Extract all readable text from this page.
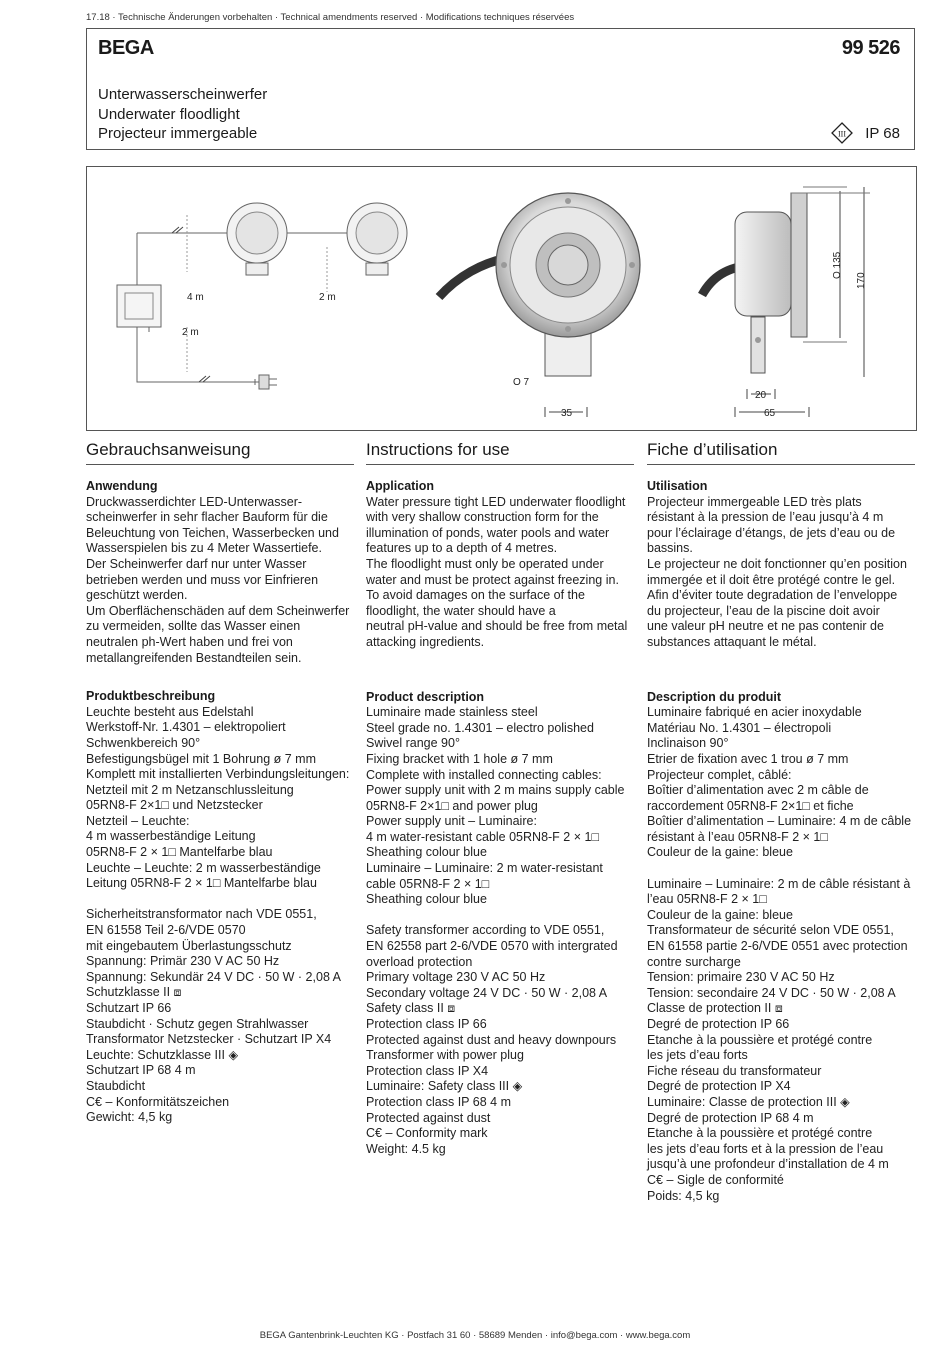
17.18 · Technische Änderungen vorbehalten · Technical amendments reserved · Modifications techniques réservées
BEGA	99 526
Unterwasserscheinwerfer
Underwater floodlight
Projecteur immergeable	III IP 68
4 m	2 m
2 m
O 7
35
O 135
170
20
65
Gebrauchsanweisung
Anwendung
Druckwasserdichter LED-Unterwasser-
scheinwerfer in sehr flacher Bauform für die
Beleuchtung von Teichen, Wasserbecken und
Wasserspielen bis zu 4 Meter Wassertiefe.
Der Scheinwerfer darf nur unter Wasser
betrieben werden und muss vor Einfrieren
geschützt werden.
Um Oberflächenschäden auf dem Scheinwerfer
zu vermeiden, sollte das Wasser einen
neutralen ph-Wert haben und frei von
metallangreifenden Bestandteilen sein.
Produktbeschreibung
Leuchte besteht aus Edelstahl
Werkstoff-Nr. 1.4301 – elektropoliert
Schwenkbereich 90°
Befestigungsbügel mit 1 Bohrung ø 7 mm
Komplett mit installierten Verbindungsleitungen:
Netzteil mit 2 m Netzanschlussleitung
05RN8-F 2×1□ und Netzstecker
Netzteil – Leuchte:
4 m wasserbeständige Leitung
05RN8-F 2 × 1□ Mantelfarbe blau
Leuchte – Leuchte: 2 m wasserbeständige
Leitung 05RN8-F 2 × 1□ Mantelfarbe blau

Sicherheitstransformator nach VDE 0551,
EN 61558 Teil 2-6/VDE 0570
mit eingebautem Überlastungsschutz
Spannung: Primär 230 V AC 50 Hz
Spannung: Sekundär 24 V DC · 50 W · 2,08 A
Schutzklasse II ⧈
Schutzart IP 66
Staubdicht · Schutz gegen Strahlwasser
Transformator Netzstecker · Schutzart IP X4
Leuchte: Schutzklasse III ◈
Schutzart IP 68 4 m
Staubdicht
C€ – Konformitätszeichen
Gewicht: 4,5 kg
Instructions for use
Application
Water pressure tight LED underwater floodlight
with very shallow construction form for the
illumination of ponds, water pools and water
features up to a depth of 4 metres.
The floodlight must only be operated under
water and must be protect against freezing in.
To avoid damages on the surface of the
floodlight, the water should have a
neutral pH-value and should be free from metal
attacking ingredients.
Product description
Luminaire made stainless steel
Steel grade no. 1.4301 – electro polished
Swivel range 90°
Fixing bracket with 1 hole ø 7 mm
Complete with installed connecting cables:
Power supply unit with 2 m mains supply cable
05RN8-F 2×1□ and power plug
Power supply unit – Luminaire:
4 m water-resistant cable 05RN8-F 2 × 1□
Sheathing colour blue
Luminaire – Luminaire: 2 m water-resistant
cable 05RN8-F 2 × 1□
Sheathing colour blue

Safety transformer according to VDE 0551,
EN 62558 part 2-6/VDE 0570 with intergrated
overload protection
Primary voltage 230 V AC 50 Hz
Secondary voltage 24 V DC · 50 W · 2,08 A
Safety class II ⧈
Protection class IP 66
Protected against dust and heavy downpours
Transformer with power plug
Protection class IP X4
Luminaire: Safety class III ◈
Protection class IP 68 4 m
Protected against dust
C€ – Conformity mark
Weight: 4.5 kg
Fiche d’utilisation
Utilisation
Projecteur immergeable LED très plats
résistant à la pression de l’eau jusqu’à 4 m
pour l’éclairage d’étangs, de jets d’eau ou de
bassins.
Le projecteur ne doit fonctionner qu’en position
immergée et il doit être protégé contre le gel.
Afin d’éviter toute degradation de l’enveloppe
du projecteur, l’eau de la piscine doit avoir
une valeur pH neutre et ne pas contenir de
substances attaquant le métal.
Description du produit
Luminaire fabriqué en acier inoxydable
Matériau No. 1.4301 – électropoli
Inclinaison 90°
Etrier de fixation avec 1 trou ø 7 mm
Projecteur complet, câblé:
Boîtier d’alimentation avec 2 m câble de
raccordement 05RN8-F 2×1□ et fiche
Boîtier d’alimentation – Luminaire: 4 m de câble
résistant à l’eau 05RN8-F 2 × 1□
Couleur de la gaine: bleue

Luminaire – Luminaire: 2 m de câble résistant à
l’eau 05RN8-F 2 × 1□
Couleur de la gaine: bleue
Transformateur de sécurité selon VDE 0551,
EN 61558 partie 2-6/VDE 0551 avec protection
contre surcharge
Tension: primaire 230 V AC 50 Hz
Tension: secondaire 24 V DC · 50 W · 2,08 A
Classe de protection II ⧈
Degré de protection IP 66
Etanche à la poussière et protégé contre
les jets d’eau forts
Fiche réseau du transformateur
Degré de protection IP X4
Luminaire: Classe de protection III ◈
Degré de protection IP 68 4 m
Etanche à la poussière et protégé contre
les jets d’eau forts et à la pression de l’eau
jusqu’à une profondeur d’installation de 4 m
C€ – Sigle de conformité
Poids: 4,5 kg
BEGA Gantenbrink-Leuchten KG · Postfach 31 60 · 58689 Menden · info@bega.com · www.bega.com
